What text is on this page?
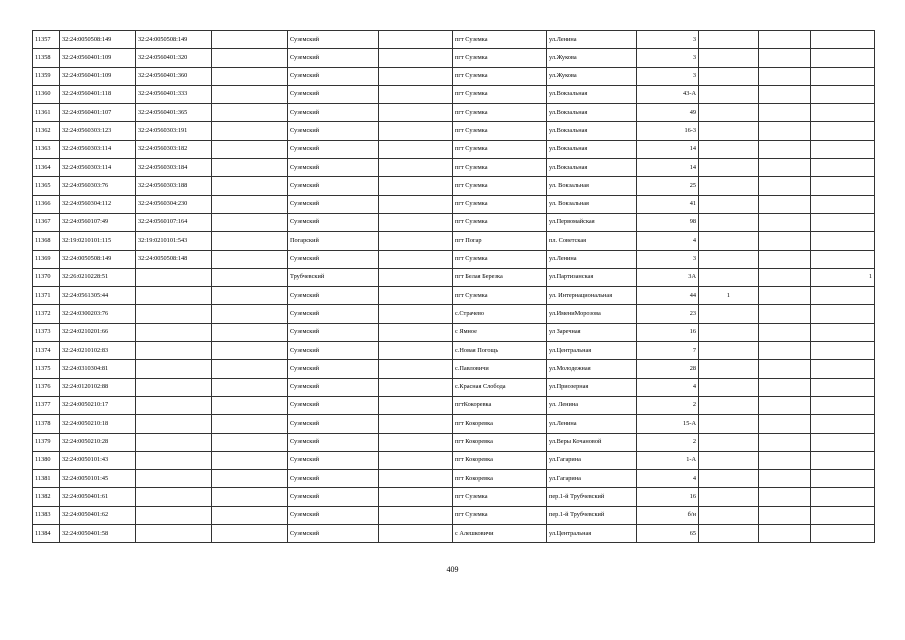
11357	32:24:0050508:149	32:24:0050508:149		Суземский		пгт Суземка	ул.Ленина	3			
11358	32:24:0560401:109	32:24:0560401:320		Суземский		пгт Суземка	ул.Жукова	3			
11359	32:24:0560401:109	32:24:0560401:360		Суземский		пгт Суземка	ул.Жукова	3			
11360	32:24:0560401:118	32:24:0560401:333		Суземский		пгт Суземка	ул.Вокзальная	43-А			
11361	32:24:0560401:107	32:24:0560401:365		Суземский		пгт Суземка	ул.Вокзальная	49			
11362	32:24:0560303:123	32:24:0560303:191		Суземский		пгт Суземка	ул.Вокзальная	16-3			
11363	32:24:0560303:114	32:24:0560303:182		Суземский		пгт Суземка	ул.Вокзальная	14			
11364	32:24:0560303:114	32:24:0560303:184		Суземский		пгт Суземка	ул.Вокзальная	14			
11365	32:24:0560303:76	32:24:0560303:188		Суземский		пгт Суземка	ул. Вокзальная	25			
11366	32:24:0560304:112	32:24:0560304:230		Суземский		пгт Суземка	ул. Вокзальная	41			
11367	32:24:0560107:49	32:24:0560107:164		Суземский		пгт Суземка	ул.Первомайская	98			
11368	32:19:0210101:115	32:19:0210101:543		Погарский		пгт Погар	пл. Советская	4			
11369	32:24:0050508:149	32:24:0050508:148		Суземский		пгт Суземка	ул.Ленина	3			
11370	32:26:0210228:51			Трубчевский		пгт Белая Березка	ул.Партизанская	3А			1
11371	32:24:0561305:44			Суземский		пгт Суземка	ул. Интернациональная	44	1		
11372	32:24:0300203:76			Суземский		с.Страчево	ул.ИмениМорозова	23			
11373	32:24:0210201:66			Суземский		с Ямное	ул Заречная	16			
11374	32:24:0210102:83			Суземский		с.Новая Погощь	ул.Центральная	7			
11375	32:24:0310304:81			Суземский		с.Павловичи	ул.Молодежная	28			
11376	32:24:0120102:88			Суземский		с.Красная Слобода	ул.Приозерная	4			
11377	32:24:0050210:17			Суземский		пгтКокоревка	ул. Ленина	2			
11378	32:24:0050210:18			Суземский		пгт Кокоревка	ул.Ленина	15-А			
11379	32:24:0050210:28			Суземский		пгт Кокоревка	ул.Веры Кочановой	2			
11380	32:24:0050101:43			Суземский		пгт Кокоревка	ул.Гагарина	1-А			
11381	32:24:0050101:45			Суземский		пгт Кокоревка	ул.Гагарина	4			
11382	32:24:0050401:61			Суземский		пгт Суземка	пер.1-й Трубчевский	16			
11383	32:24:0050401:62			Суземский		пгт Суземка	пер.1-й Трубчевский	б/н			
11384	32:24:0050401:58			Суземский		с Алешковичи	ул.Центральная	65			
409
